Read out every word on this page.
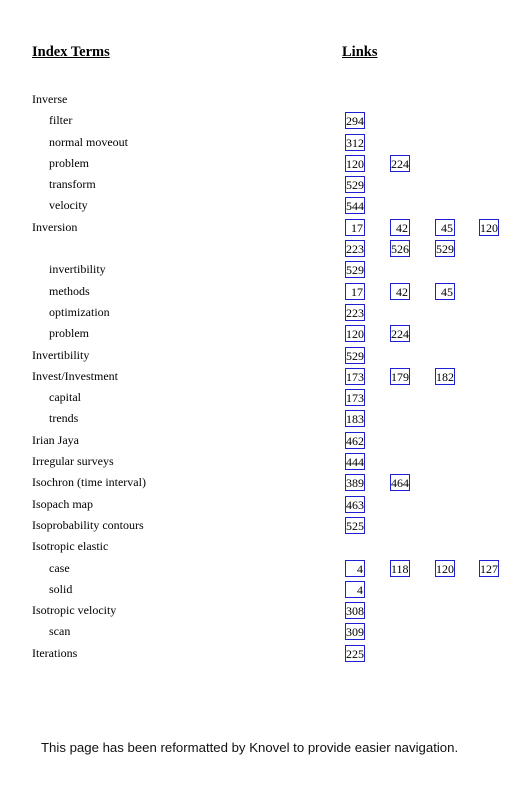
Index Terms	Links
Inverse
filter	294
normal moveout	312
problem	120 224
transform	529
velocity	544
Inversion	17	42	45 120
223 526 529
invertibility	529
methods	17	42	45
optimization	223
problem	120 224
Invertibility	529
Invest/Investment	173 179 182
capital	173
trends	183
Irian Jaya	462
Irregular surveys	444
Isochron (time interval)	389 464
Isopach map	463
Isoprobability contours	525
Isotropic elastic
case	4 118 120 127
solid	4
Isotropic velocity	308
scan	309
Iterations	225
This page has been reformatted by Knovel to provide easier navigation.
